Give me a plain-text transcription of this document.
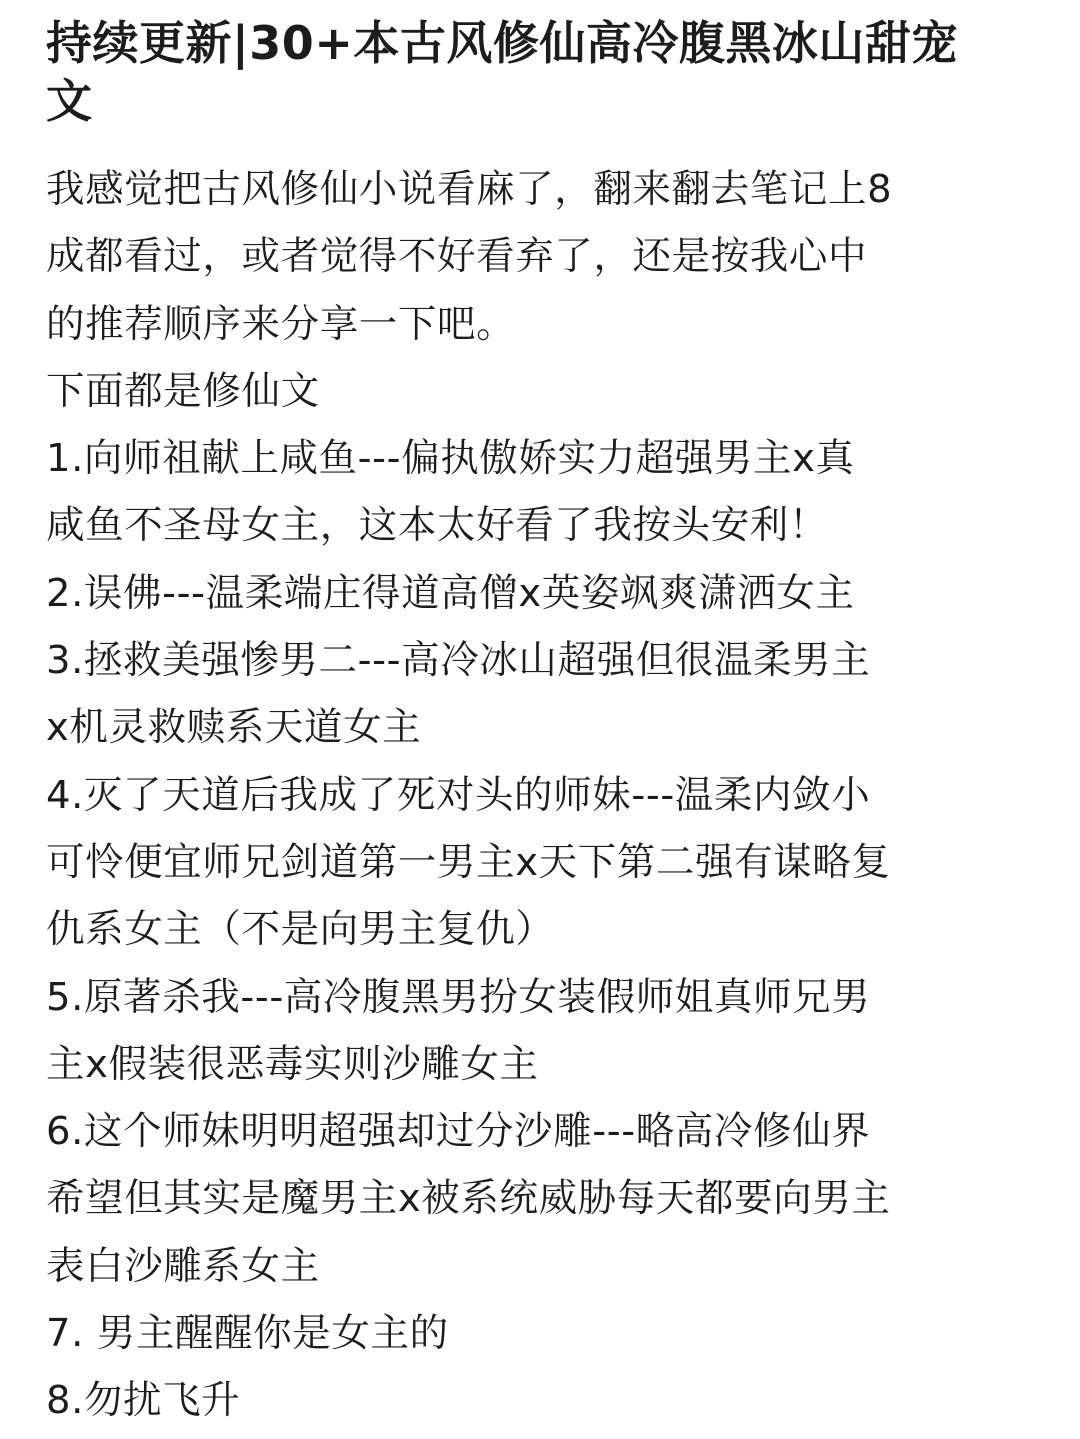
持续更新|30+本古风修仙高冷腹黑冰山甜宠
文
我感觉把古风修仙小说看麻了，翻来翻去笔记上8
成都看过，或者觉得不好看弃了，还是按我心中
的推荐顺序来分享一下吧。
下面都是修仙文
1.向师祖献上咸鱼---偏执傲娇实力超强男主x真
咸鱼不圣母女主，这本太好看了我按头安利！
2.误佛---温柔端庄得道高僧x英姿飒爽潇洒女主
3.拯救美强惨男二---高冷冰山超强但很温柔男主
x机灵救赎系天道女主
4.灭了天道后我成了死对头的师妹---温柔内敛小
可怜便宜师兄剑道第一男主x天下第二强有谋略复
仇系女主（不是向男主复仇）
5.原著杀我---高冷腹黑男扮女装假师姐真师兄男
主x假装很恶毒实则沙雕女主
6.这个师妹明明超强却过分沙雕---略高冷修仙界
希望但其实是魔男主x被系统威胁每天都要向男主
表白沙雕系女主
7. 男主醒醒你是女主的
8.勿扰飞升
